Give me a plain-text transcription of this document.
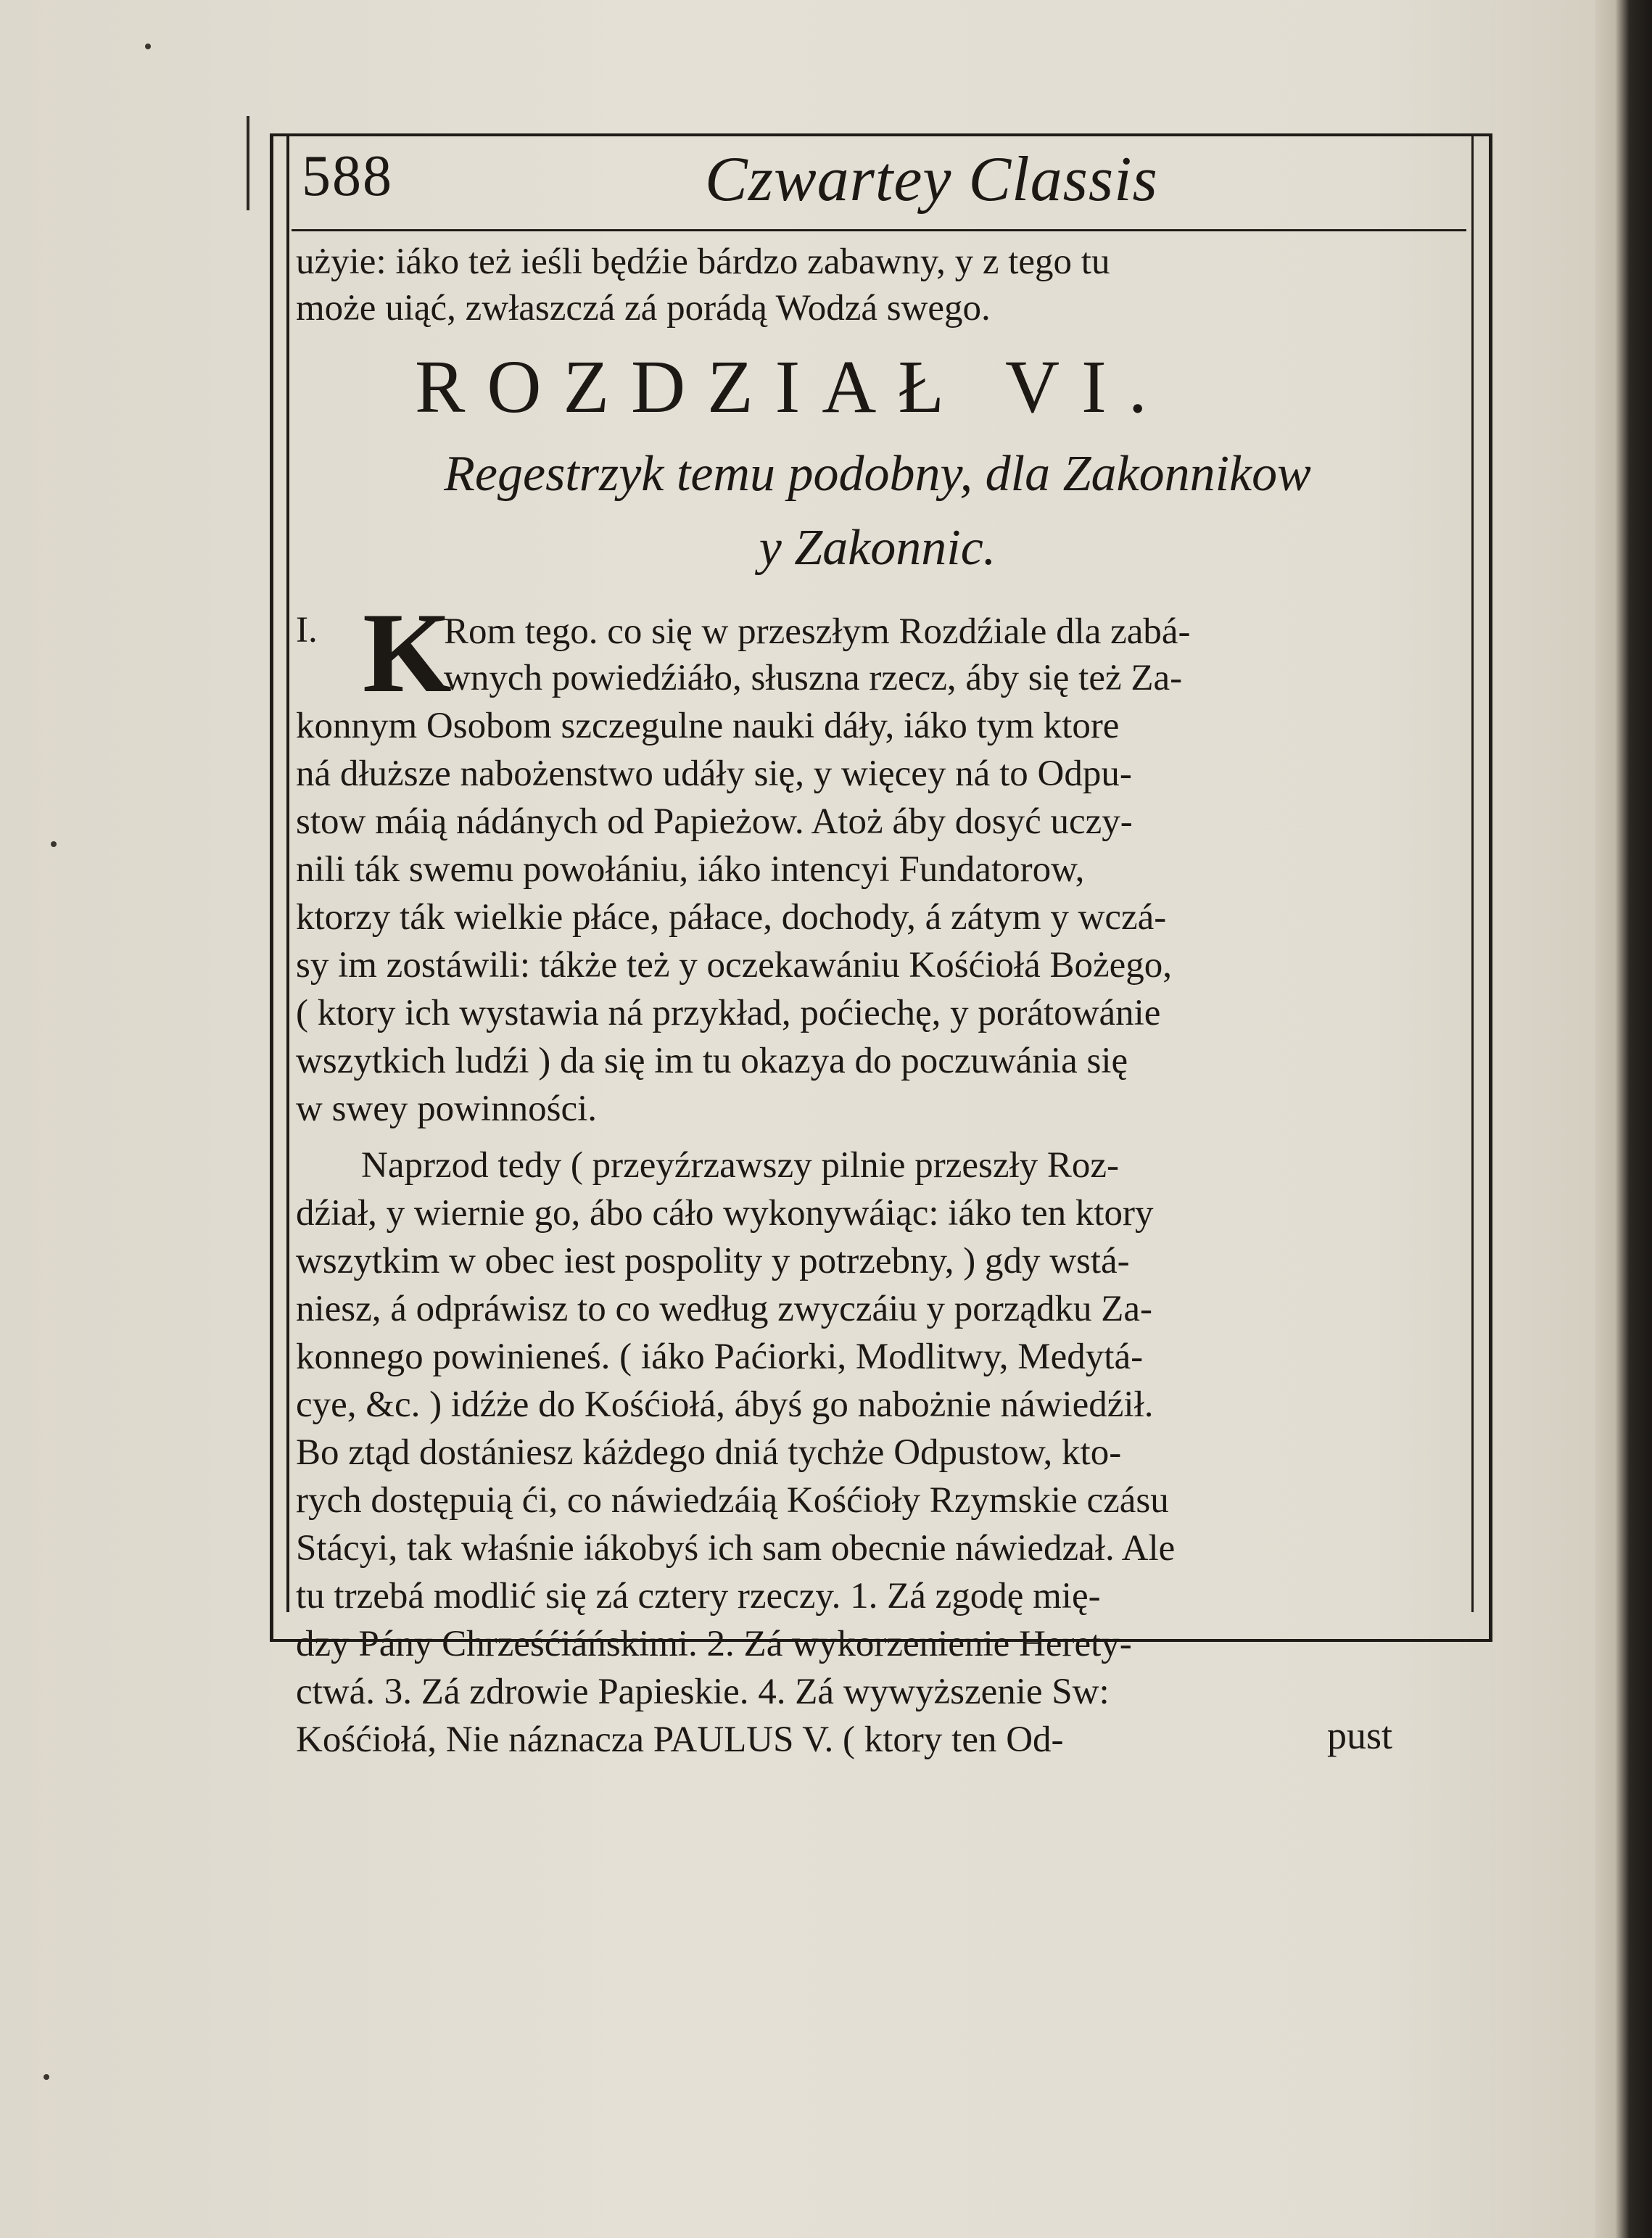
588	Czwartey Classis
użyie: iáko też ieśli będźie bárdzo zabawny, y z tego tu
może uiąć, zwłaszczá zá porádą Wodzá swego.
ROZDZIAŁ VI.
Regestrzyk temu podobny, dla Zakonnikow
y Zakonnic.
I. K
Rom tego. co się w przeszłym Rozdźiale dla zabá-
wnych powiedźiáło, słuszna rzecz, áby się też Za-
konnym Osobom szczegulne nauki dáły, iáko tym ktore
ná dłuższe nabożenstwo udáły się, y więcey ná to Odpu-
stow máią nádánych od Papieżow. Atoż áby dosyć uczy-
nili ták swemu powołániu, iáko intencyi Fundatorow,
ktorzy ták wielkie płáce, páłace, dochody, á zátym y wczá-
sy im zostáwili: tákże też y oczekawániu Kośćiołá Bożego,
( ktory ich wystawia ná przykład, poćiechę, y porátowánie
wszytkich ludźi ) da się im tu okazya do poczuwánia się
w swey powinności.
Naprzod tedy ( przeyźrzawszy pilnie przeszły Roz-
dźiał, y wiernie go, ábo cáło wykonywáiąc: iáko ten ktory
wszytkim w obec iest pospolity y potrzebny, ) gdy wstá-
niesz, á odpráwisz to co według zwyczáiu y porządku Za-
konnego powinieneś. ( iáko Paćiorki, Modlitwy, Medytá-
cye, &c. ) idźże do Kośćiołá, ábyś go nabożnie náwiedźił.
Bo ztąd dostániesz káżdego dniá tychże Odpustow, kto-
rych dostępuią ći, co náwiedzáią Kośćioły Rzymskie czásu
Stácyi, tak właśnie iákobyś ich sam obecnie náwiedzał. Ale
tu trzebá modlić się zá cztery rzeczy. 1. Zá zgodę mię-
dzy Pány Chrześćiáńskimi. 2. Zá wykorzenienie Herety-
ctwá. 3. Zá zdrowie Papieskie. 4. Zá wywyższenie Sw:
Kośćiołá, Nie náznacza PAULUS V. ( ktory ten Od-	pust
